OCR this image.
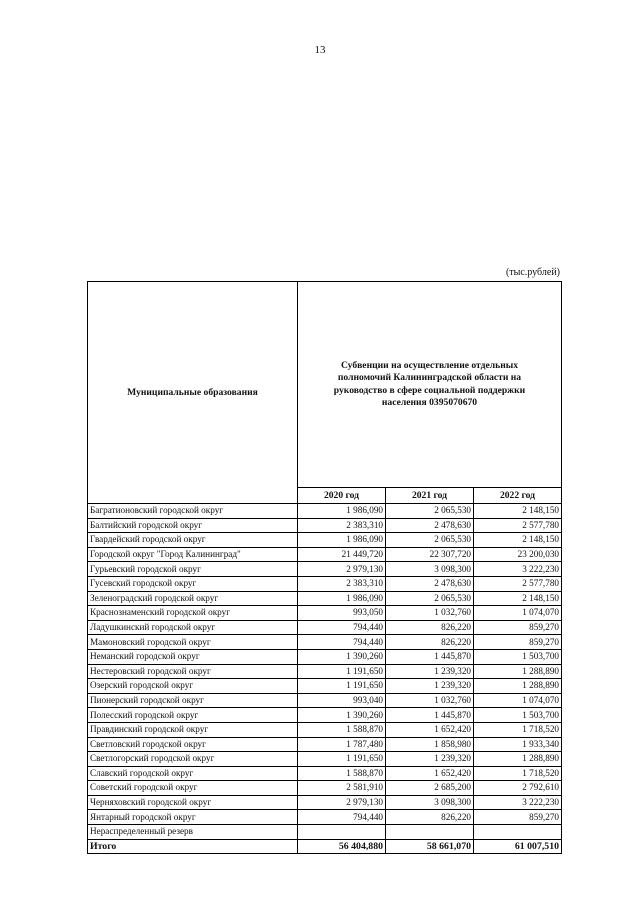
13
(тыс.рублей)
Муниципальные образования	Субвенции на осуществление отдельных полномочий Калининградской области на руководство в сфере социальной поддержки населения 0395070670		

	2020 год	2021 год	2022 год
Багратионовский городской округ	1 986,090	2 065,530	2 148,150
Балтийский городской округ	2 383,310	2 478,630	2 577,780
Гвардейский городской округ	1 986,090	2 065,530	2 148,150
Городской округ "Город Калининград"	21 449,720	22 307,720	23 200,030
Гурьевский городской округ	2 979,130	3 098,300	3 222,230
Гусевский городской округ	2 383,310	2 478,630	2 577,780
Зеленоградский городской округ	1 986,090	2 065,530	2 148,150
Краснознаменский городской округ	993,050	1 032,760	1 074,070
Ладушкинский городской округ	794,440	826,220	859,270
Мамоновский городской округ	794,440	826,220	859,270
Неманский городской округ	1 390,260	1 445,870	1 503,700
Нестеровский городской округ	1 191,650	1 239,320	1 288,890
Озерский городской округ	1 191,650	1 239,320	1 288,890
Пионерский городской округ	993,040	1 032,760	1 074,070
Полесский городской округ	1 390,260	1 445,870	1 503,700
Правдинский городской округ	1 588,870	1 652,420	1 718,520
Светловский городской округ	1 787,480	1 858,980	1 933,340
Светлогорский городской округ	1 191,650	1 239,320	1 288,890
Славский городской округ	1 588,870	1 652,420	1 718,520
Советский городской округ	2 581,910	2 685,200	2 792,610
Черняховский городской округ	2 979,130	3 098,300	3 222,230
Янтарный городской округ	794,440	826,220	859,270
Нераспределенный резерв			
Итого	56 404,880	58 661,070	61 007,510
